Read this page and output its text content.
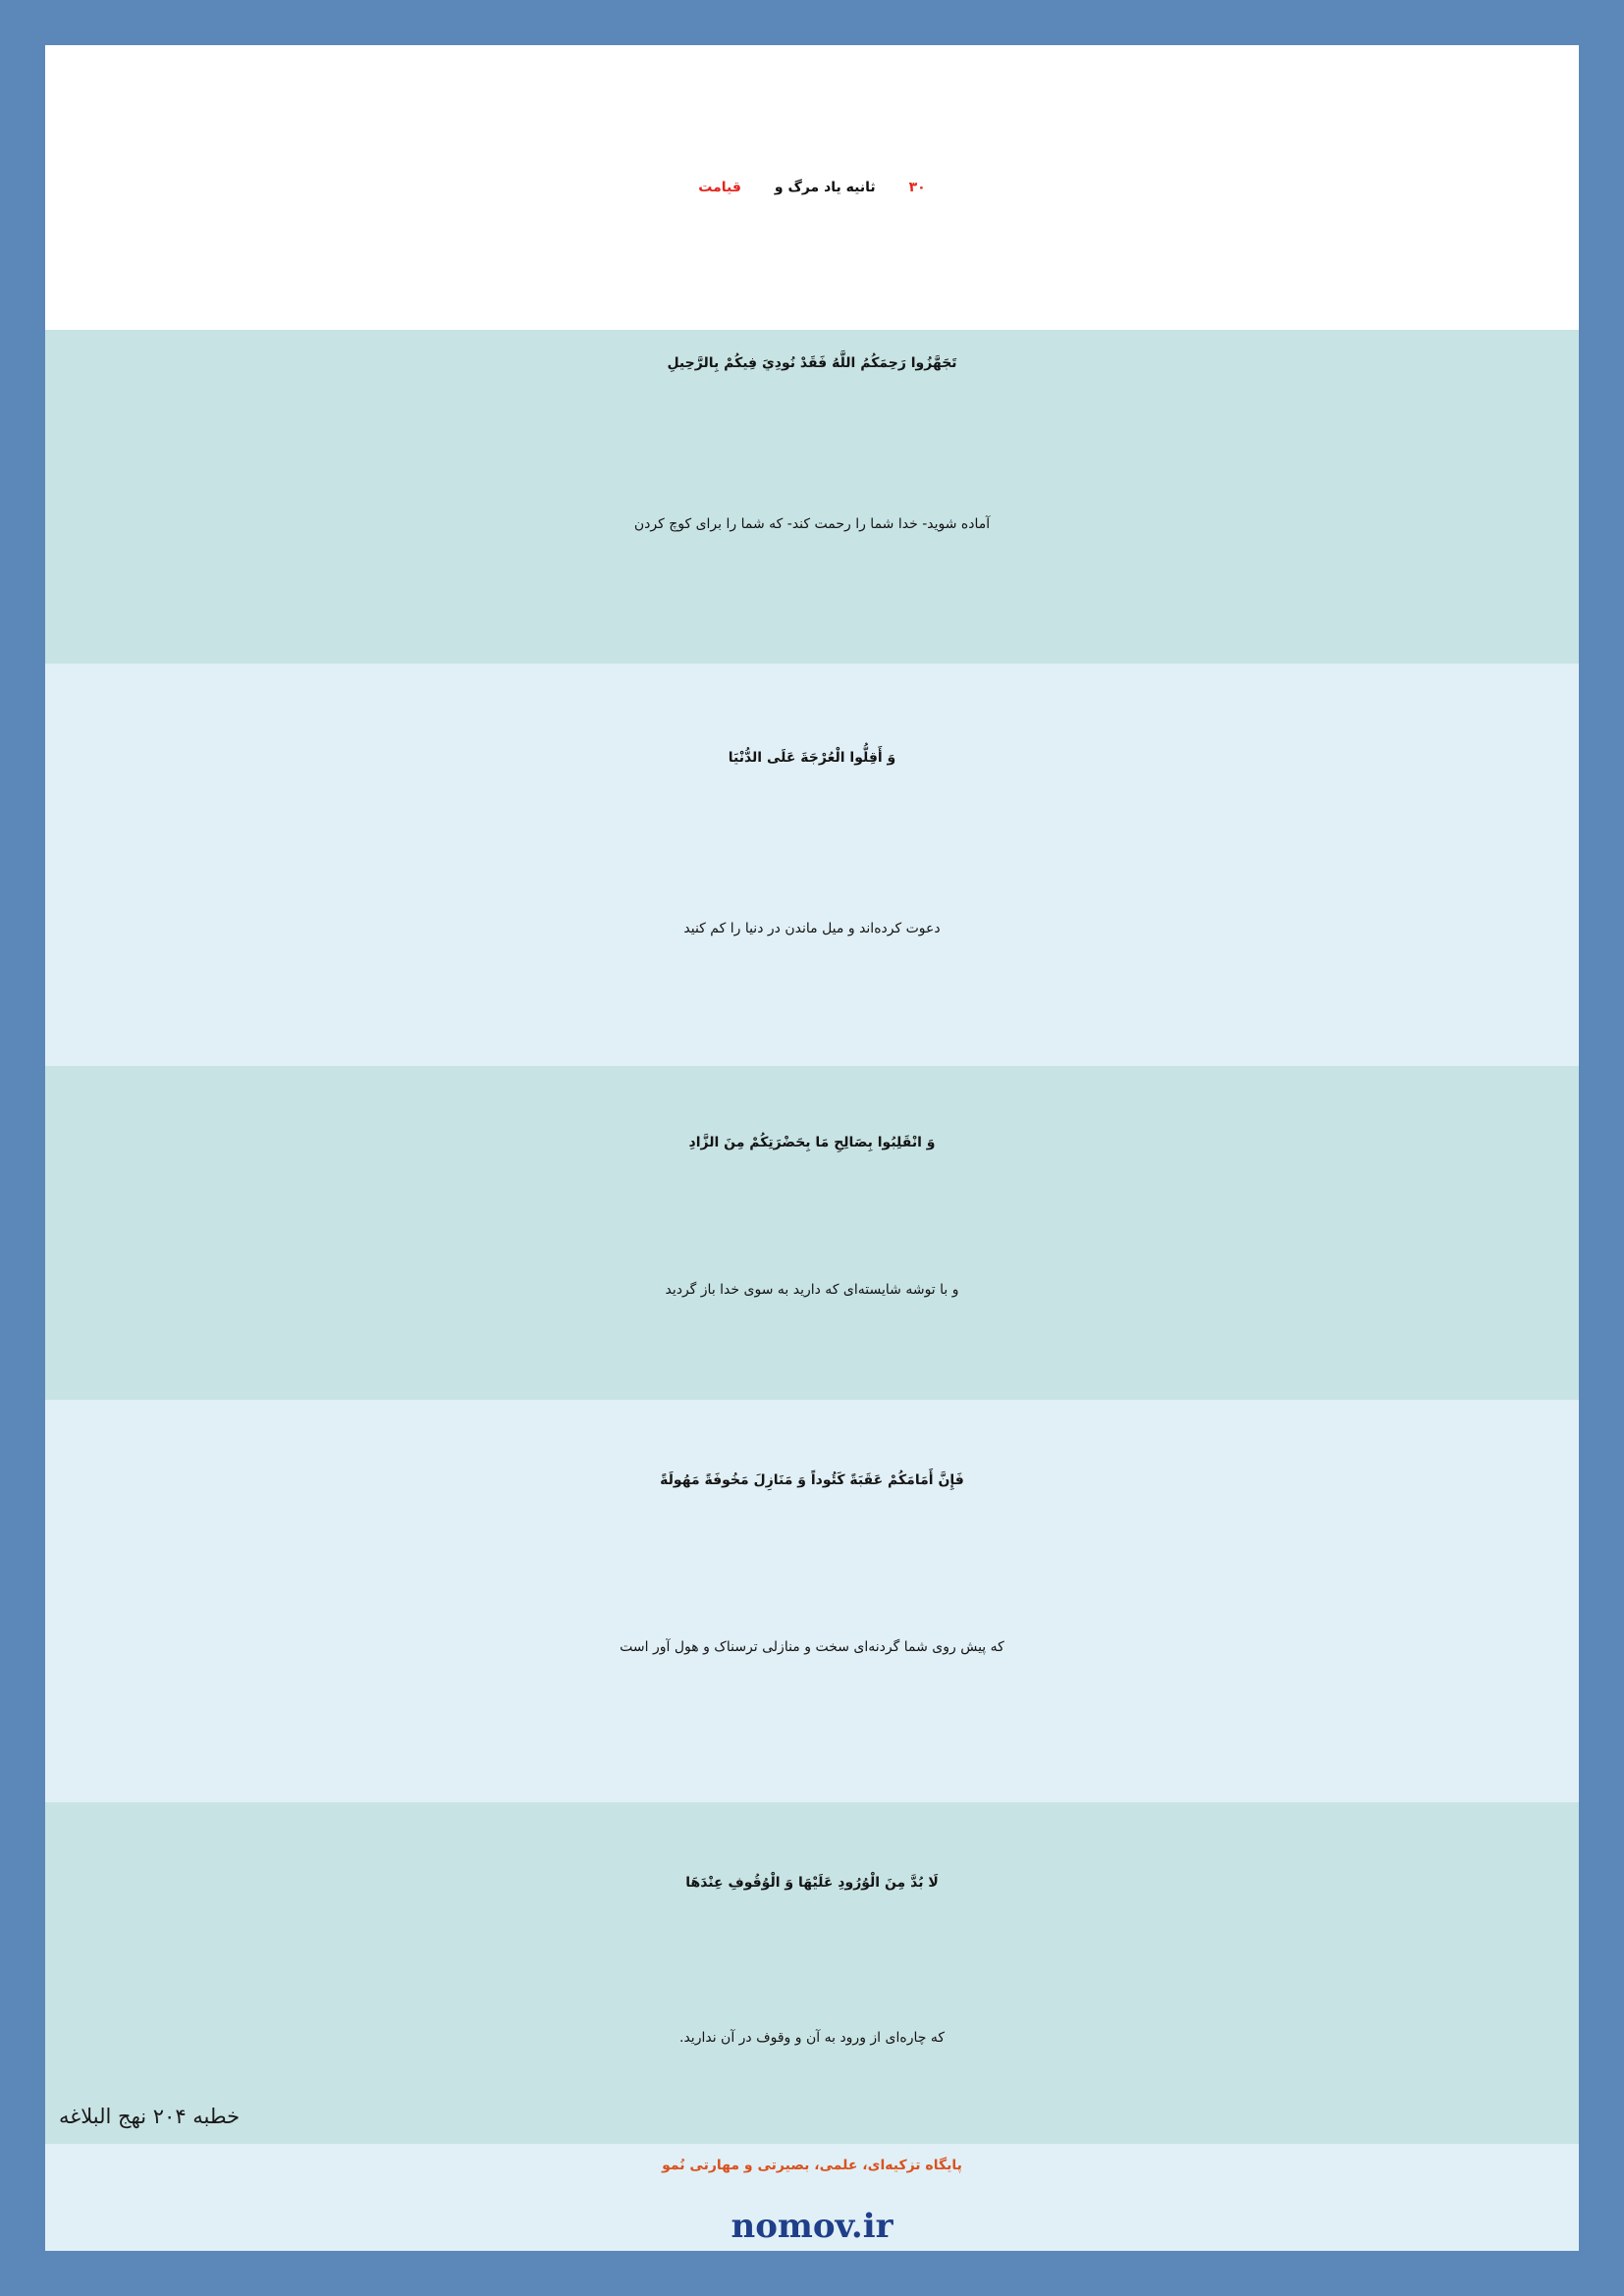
۳۰
ثانیه یاد مرگ و
قیامت
تَجَهَّزُوا رَحِمَكُمُ اللَّهُ فَقَدْ نُودِيَ فِيكُمْ بِالرَّحِيلِ
آماده شوید- خدا شما را رحمت کند- که شما را برای کوچ کردن
وَ أَقِلُّوا الْعُرْجَةَ عَلَى الدُّنْيَا
دعوت کرده‌اند و میل ماندن در دنیا را کم کنید
وَ انْقَلِبُوا بِصَالِحِ مَا بِحَضْرَتِكُمْ مِنَ الزَّادِ
و با توشه شایسته‌ای که دارید به سوی خدا باز گردید
فَإِنَّ أَمَامَكُمْ عَقَبَةً كَئُوداً وَ مَنَازِلَ مَخُوفَةً مَهُولَةً
که پیش روی شما گردنه‌ای سخت و منازلی ترسناک و هول آور است
لَا بُدَّ مِنَ الْوُرُودِ عَلَيْهَا وَ الْوُقُوفِ عِنْدَهَا
که چاره‌ای از ورود به آن و وقوف در آن ندارید.
خطبه ۲۰۴ نهج البلاغه
پایگاه تزکیه‌ای، علمی، بصیرتی و مهارتی نُمو
nomov.ir
